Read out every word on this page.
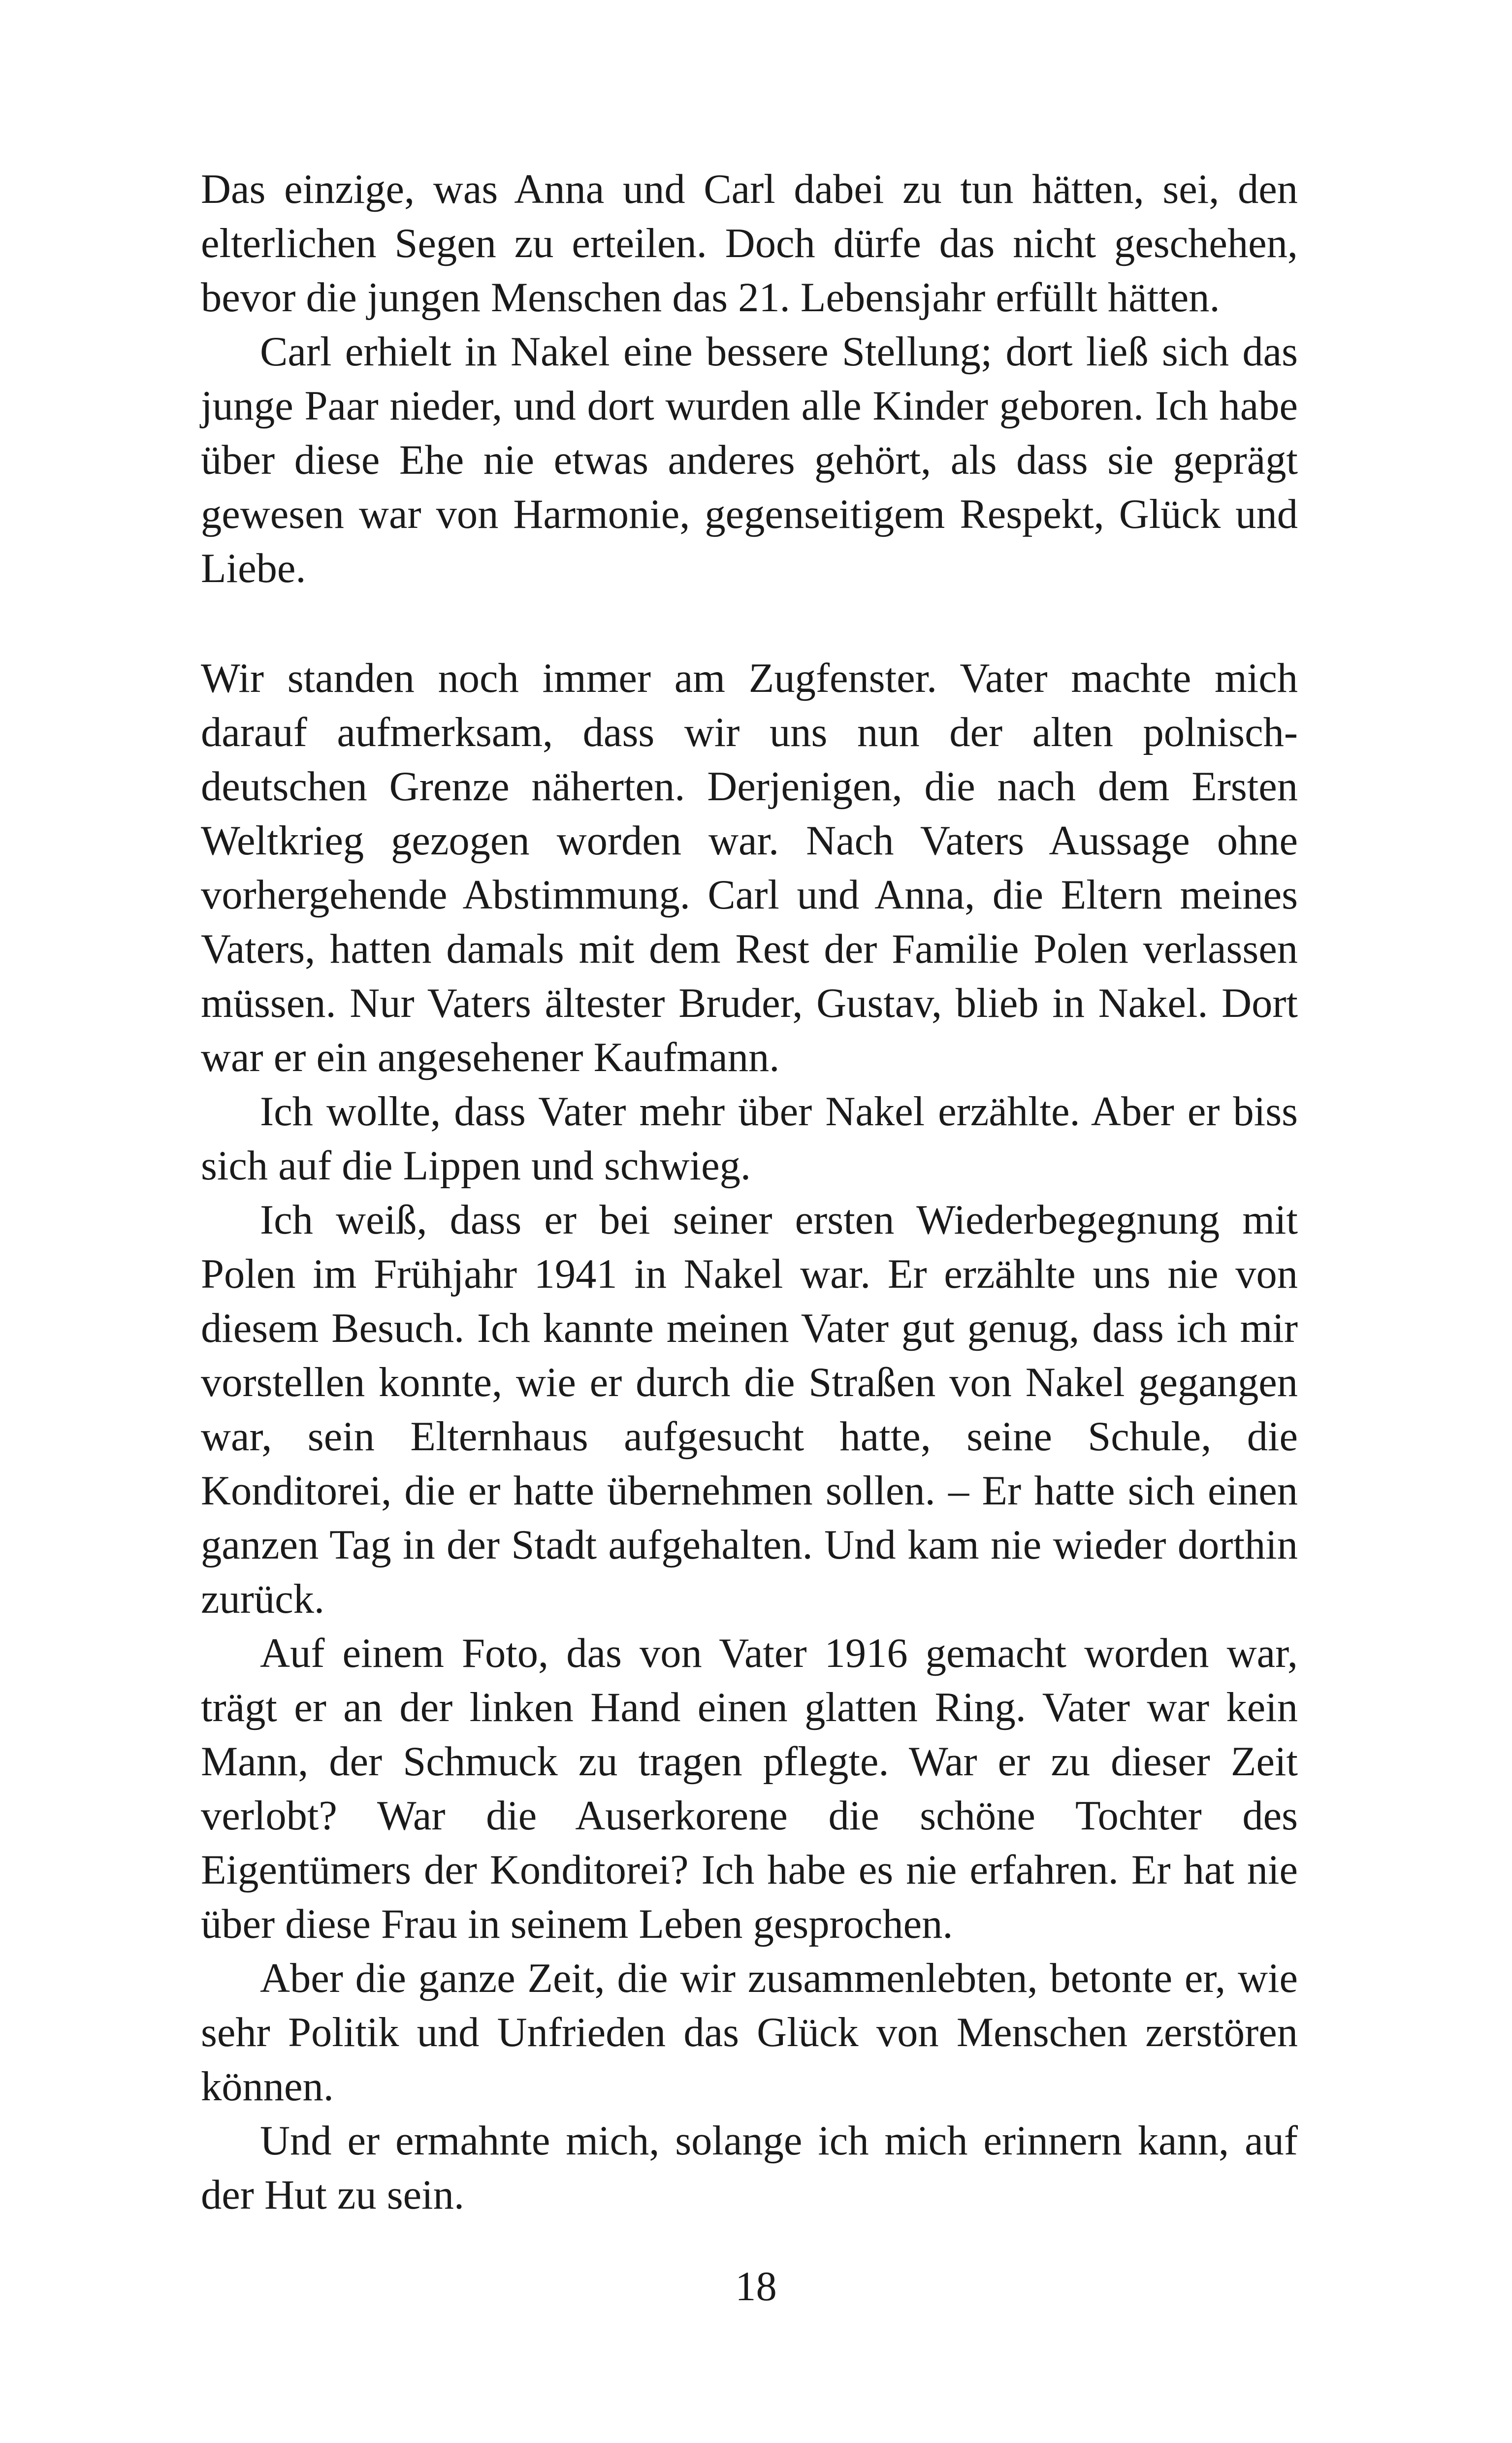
Das einzige, was Anna und Carl dabei zu tun hätten, sei, den elterlichen Segen zu erteilen. Doch dürfe das nicht geschehen, bevor die jungen Menschen das 21. Lebensjahr erfüllt hätten.

Carl erhielt in Nakel eine bessere Stellung; dort ließ sich das junge Paar nieder, und dort wurden alle Kinder geboren. Ich habe über diese Ehe nie etwas anderes gehört, als dass sie geprägt gewesen war von Harmonie, gegenseitigem Respekt, Glück und Liebe.

Wir standen noch immer am Zugfenster. Vater machte mich darauf aufmerksam, dass wir uns nun der alten polnisch-deutschen Grenze näherten. Derjenigen, die nach dem Ersten Weltkrieg gezogen worden war. Nach Vaters Aussage ohne vorhergehende Abstimmung. Carl und Anna, die Eltern meines Vaters, hatten damals mit dem Rest der Familie Polen verlassen müssen. Nur Vaters ältester Bruder, Gustav, blieb in Nakel. Dort war er ein angesehener Kaufmann.

Ich wollte, dass Vater mehr über Nakel erzählte. Aber er biss sich auf die Lippen und schwieg.

Ich weiß, dass er bei seiner ersten Wiederbegegnung mit Polen im Frühjahr 1941 in Nakel war. Er erzählte uns nie von diesem Besuch. Ich kannte meinen Vater gut genug, dass ich mir vorstellen konnte, wie er durch die Straßen von Nakel gegangen war, sein Elternhaus aufgesucht hatte, seine Schule, die Konditorei, die er hatte übernehmen sollen. – Er hatte sich einen ganzen Tag in der Stadt aufgehalten. Und kam nie wieder dorthin zurück.

Auf einem Foto, das von Vater 1916 gemacht worden war, trägt er an der linken Hand einen glatten Ring. Vater war kein Mann, der Schmuck zu tragen pflegte. War er zu dieser Zeit verlobt? War die Auserkorene die schöne Tochter des Eigentümers der Konditorei? Ich habe es nie erfahren. Er hat nie über diese Frau in seinem Leben gesprochen.

Aber die ganze Zeit, die wir zusammenlebten, betonte er, wie sehr Politik und Unfrieden das Glück von Menschen zerstören können.

Und er ermahnte mich, solange ich mich erinnern kann, auf der Hut zu sein.

18
